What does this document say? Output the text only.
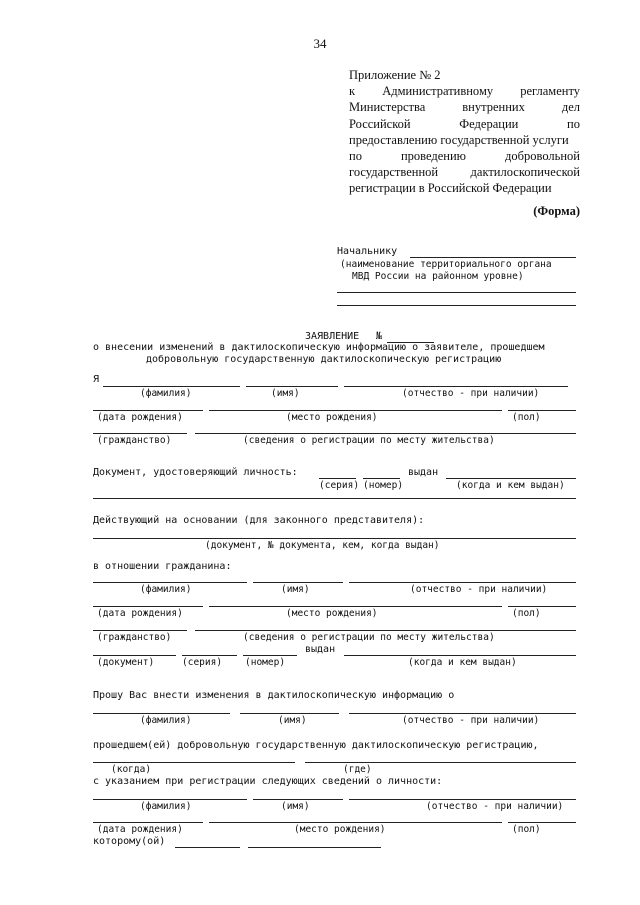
34
Приложение № 2
к Административному регламенту
Министерства	внутренних	дел
Российской	Федерации	по
предоставлению государственной услуги
по	проведению	добровольной
государственной	дактилоскопической
регистрации в Российской Федерации
(Форма)
Начальнику
(наименование территориального органа
МВД России на районном уровне)
ЗАЯВЛЕНИЕ №
о внесении изменений в дактилоскопическую информацию о заявителе, прошедшем
добровольную государственную дактилоскопическую регистрацию
Я
(фамилия)	(имя)	(отчество - при наличии)
(дата рождения)	(место рождения)	(пол)
(гражданство)	(сведения о регистрации по месту жительства)
Документ, удостоверяющий личность:	выдан
(серия) (номер)	(когда и кем выдан)
Действующий на основании (для законного представителя):
(документ, № документа, кем, когда выдан)
в отношении гражданина:
(фамилия)	(имя)	(отчество - при наличии)
(дата рождения)	(место рождения)	(пол)
(гражданство)	(сведения о регистрации по месту жительства)
выдан
(документ)	(серия) (номер)	(когда и кем выдан)
Прошу Вас внести изменения в дактилоскопическую информацию о
(фамилия)	(имя)	(отчество - при наличии)
прошедшем(ей) добровольную государственную дактилоскопическую регистрацию,
(когда)	(где)
с указанием при регистрации следующих сведений о личности:
(фамилия)	(имя)	(отчество - при наличии)
(дата рождения)	(место рождения)	(пол)
которому(ой)
